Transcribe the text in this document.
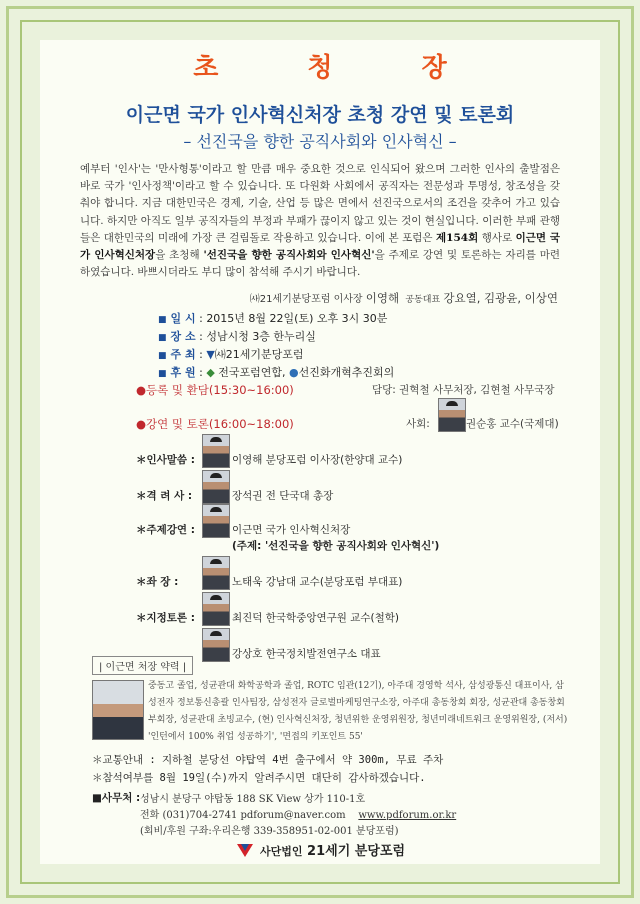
초 청 장
이근면 국가 인사혁신처장 초청 강연 및 토론회
– 선진국을 향한 공직사회와 인사혁신 –
예부터 '인사'는 '만사형통'이라고 할 만큼 매우 중요한 것으로 인식되어 왔으며 그러한 인사의 출발점은 바로 국가 '인사정책'이라고 할 수 있습니다. 또 다원화 사회에서 공직자는 전문성과 투명성, 창조성을 갖춰야 합니다. 지금 대한민국은 경제, 기술, 산업 등 많은 면에서 선진국으로서의 조건을 갖추어 가고 있습니다. 하지만 아직도 일부 공직자들의 부정과 부패가 끊이지 않고 있는 것이 현실입니다. 이러한 부패 관행들은 대한민국의 미래에 가장 큰 걸림돌로 작용하고 있습니다. 이에 본 포럼은 제154회 행사로 이근면 국가 인사혁신처장을 초청해 '선진국을 향한 공직사회와 인사혁신'을 주제로 강연 및 토론하는 자리를 마련하였습니다. 바쁘시더라도 부디 많이 참석해 주시기 바랍니다.
㈔21세기분당포럼 이사장 이영해 공동대표 강요열, 김광윤, 이상연
■ 일 시 : 2015년 8월 22일(토) 오후 3시 30분
■ 장 소 : 성남시청 3층 한누리실
■ 주 최 : ▼㈔21세기분당포럼
■ 후 원 : ◆ 전국포럼연합, ●선진화개혁추진회의
●등록 및 환담(15:30~16:00)	담당: 권혁철 사무처장, 김현철 사무국장
●강연 및 토론(16:00~18:00)	사회:	권순홍 교수(국제대)
＊인사말씀 :	이영해 분당포럼 이사장(한양대 교수)
＊격 려 사 :	장석권 전 단국대 총장
＊주제강연 :	이근면 국가 인사혁신처장
(주제: '선진국을 향한 공직사회와 인사혁신')
＊좌 장 :	노태욱 강남대 교수(분당포럼 부대표)
＊지정토론 :	최진덕 한국학중앙연구원 교수(철학)
강상호 한국정치발전연구소 대표
| 이근면 처장 약력 |
중동고 졸업, 성균관대 화학공학과 졸업, ROTC 임관(12기), 아주대 경영학 석사, 삼성광통신 대표이사, 삼성전자 정보통신총괄 인사팀장, 삼성전자 글로벌마케팅연구소장, 아주대 총동창회 회장, 성균관대 총동창회 부회장, 성균관대 초빙교수, (현) 인사혁신처장, 청년위한 운영위원장, 청년미래네트워크 운영위원장, (저서) '인턴에서 100% 취업 성공하기', '면접의 키포인트 55'
＊교통안내 : 지하철 분당선 야탑역 4번 출구에서 약 300m, 무료 주차
＊참석여부를 8월 19일(수)까지 알려주시면 대단히 감사하겠습니다.
■사무처 : 성남시 분당구 야탑동 188 SK View 상가 110-1호
전화 (031)704-2741 pdforum@naver.com www.pdforum.or.kr
(회비/후원 구좌:우리은행 339-358951-02-001 분당포럼)
사단법인 21세기 분당포럼
